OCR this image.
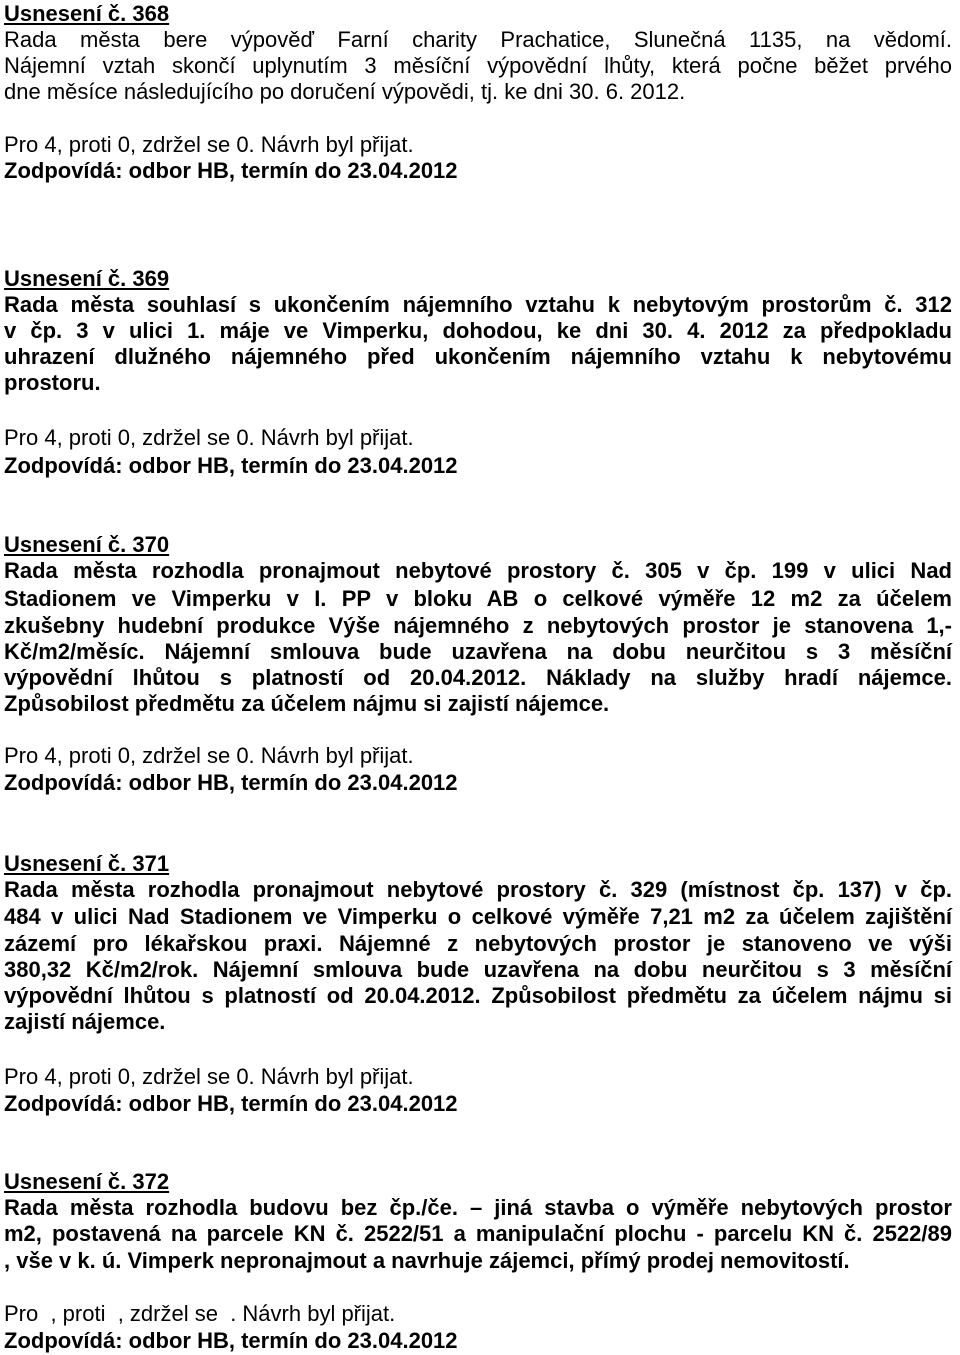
Usnesení č. 368
Rada města bere výpověď Farní charity Prachatice, Slunečná 1135, na vědomí.
Nájemní vztah skončí uplynutím 3 měsíční výpovědní lhůty, která počne běžet prvého
dne měsíce následujícího po doručení výpovědi, tj. ke dni 30. 6. 2012.
Pro 4, proti 0, zdržel se 0. Návrh byl přijat.
Zodpovídá: odbor HB, termín do 23.04.2012
Usnesení č. 369
Rada města souhlasí s ukončením nájemního vztahu k nebytovým prostorům č. 312
v čp. 3 v ulici 1. máje ve Vimperku, dohodou, ke dni 30. 4. 2012 za předpokladu
uhrazení dlužného nájemného před ukončením nájemního vztahu k nebytovému
prostoru.
Pro 4, proti 0, zdržel se 0. Návrh byl přijat.
Zodpovídá: odbor HB, termín do 23.04.2012
Usnesení č. 370
Rada města rozhodla pronajmout nebytové prostory č. 305 v čp. 199 v ulici Nad
Stadionem ve Vimperku v I. PP v bloku AB o celkové výměře 12 m2 za účelem
zkušebny hudební produkce Výše nájemného z nebytových prostor je stanovena 1,-
Kč/m2/měsíc. Nájemní smlouva bude uzavřena na dobu neurčitou s 3 měsíční
výpovědní lhůtou s platností od 20.04.2012. Náklady na služby hradí nájemce.
Způsobilost předmětu za účelem nájmu si zajistí nájemce.
Pro 4, proti 0, zdržel se 0. Návrh byl přijat.
Zodpovídá: odbor HB, termín do 23.04.2012
Usnesení č. 371
Rada města rozhodla pronajmout nebytové prostory č. 329 (místnost čp. 137) v čp.
484 v ulici Nad Stadionem ve Vimperku o celkové výměře 7,21 m2 za účelem zajištění
zázemí pro lékařskou praxi. Nájemné z nebytových prostor je stanoveno ve výši
380,32 Kč/m2/rok. Nájemní smlouva bude uzavřena na dobu neurčitou s 3 měsíční
výpovědní lhůtou s platností od 20.04.2012. Způsobilost předmětu za účelem nájmu si
zajistí nájemce.
Pro 4, proti 0, zdržel se 0. Návrh byl přijat.
Zodpovídá: odbor HB, termín do 23.04.2012
Usnesení č. 372
Rada města rozhodla budovu bez čp./če. – jiná stavba o výměře nebytových prostor
m2, postavená na parcele KN č. 2522/51 a manipulační plochu - parcelu KN č. 2522/89
, vše v k. ú. Vimperk nepronajmout a navrhuje zájemci, přímý prodej nemovitostí.
Pro  , proti  , zdržel se  . Návrh byl přijat.
Zodpovídá: odbor HB, termín do 23.04.2012
